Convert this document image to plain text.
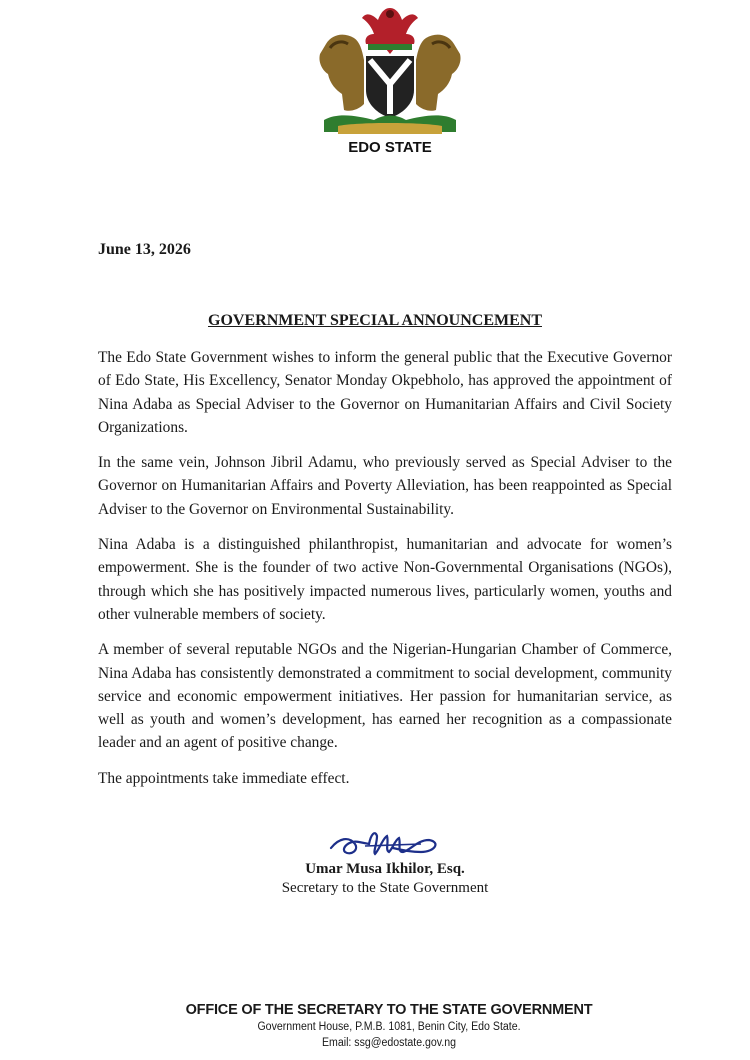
EDO STATE
June 13, 2026
GOVERNMENT SPECIAL ANNOUNCEMENT

The Edo State Government wishes to inform the general public that the Executive Governor of Edo State, His Excellency, Senator Monday Okpebholo, has approved the appointment of Nina Adaba as Special Adviser to the Governor on Humanitarian Affairs and Civil Society Organizations.

In the same vein, Johnson Jibril Adamu, who previously served as Special Adviser to the Governor on Humanitarian Affairs and Poverty Alleviation, has been reappointed as Special Adviser to the Governor on Environmental Sustainability.

Nina Adaba is a distinguished philanthropist, humanitarian and advocate for women’s empowerment. She is the founder of two active Non-Governmental Organisations (NGOs), through which she has positively impacted numerous lives, particularly women, youths and other vulnerable members of society.

A member of several reputable NGOs and the Nigerian-Hungarian Chamber of Commerce, Nina Adaba has consistently demonstrated a commitment to social development, community service and economic empowerment initiatives. Her passion for humanitarian service, as well as youth and women’s development, has earned her recognition as a compassionate leader and an agent of positive change.

The appointments take immediate effect.

Umar Musa Ikhilor, Esq.
Secretary to the State Government
OFFICE OF THE SECRETARY TO THE STATE GOVERNMENT
Government House, P.M.B. 1081, Benin City, Edo State.
Email: ssg@edostate.gov.ng
